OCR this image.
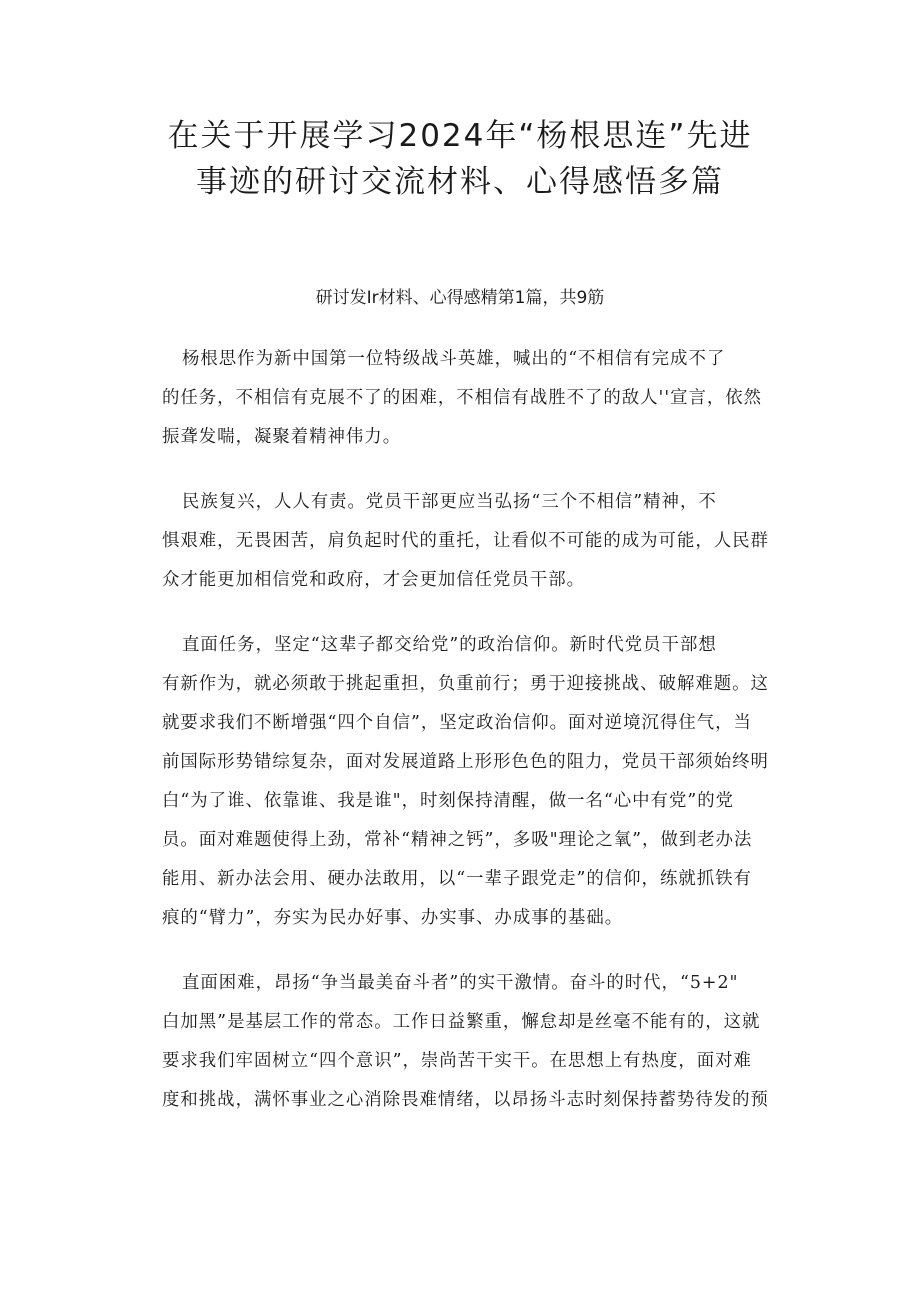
在关于开展学习2024年“杨根思连”先进
事迹的研讨交流材料、心得感悟多篇
研讨发Ir材料、心得感精第1篇，共9筋
杨根思作为新中国第一位特级战斗英雄，喊出的“不相信有完成不了
的任务，不相信有克展不了的困难，不相信有战胜不了的敌人''宣言，依然
振聋发喘，凝聚着精神伟力。
民族复兴，人人有责。党员干部更应当弘扬“三个不相信”精神，不
惧艰难，无畏困苦，肩负起时代的重托，让看似不可能的成为可能，人民群
众才能更加相信党和政府，才会更加信任党员干部。
直面任务，坚定“这辈子都交给党”的政治信仰。新时代党员干部想
有新作为，就必须敢于挑起重担，负重前行；勇于迎接挑战、破解难题。这
就要求我们不断增强“四个自信”，坚定政治信仰。面对逆境沉得住气，当
前国际形势错综复杂，面对发展道路上形形色色的阻力，党员干部须始终明
白“为了谁、依靠谁、我是谁"，时刻保持清醒，做一名“心中有党”的党
员。面对难题使得上劲，常补“精神之钙”，多吸"理论之氧”，做到老办法
能用、新办法会用、硬办法敢用，以“一辈子跟党走”的信仰，练就抓铁有
痕的“臂力”，夯实为民办好事、办实事、办成事的基础。
直面困难，昂扬“争当最美奋斗者”的实干激情。奋斗的时代，“5+2"
白加黑”是基层工作的常态。工作日益繁重，懈怠却是丝毫不能有的，这就
要求我们牢固树立“四个意识”，崇尚苦干实干。在思想上有热度，面对难
度和挑战，满怀事业之心消除畏难情绪，以昂扬斗志时刻保持蓄势待发的预
